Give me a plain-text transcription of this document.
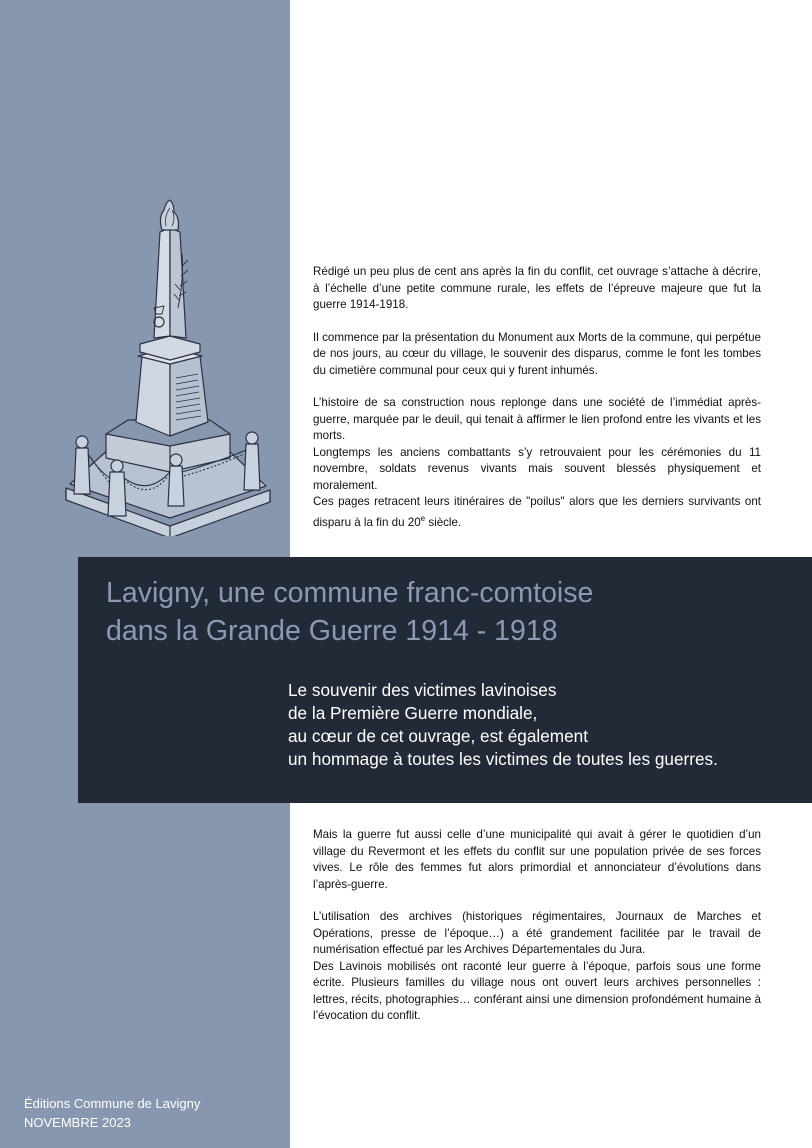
Rédigé un peu plus de cent ans après la fin du conflit, cet ouvrage s’attache à décrire, à l’échelle d’une petite commune rurale, les effets de l’épreuve majeure que fut la guerre 1914-1918.

Il commence par la présentation du Monument aux Morts de la commune, qui perpétue de nos jours, au cœur du village, le souvenir des disparus, comme le font les tombes du cimetière communal pour ceux qui y furent inhumés.

L’histoire de sa construction nous replonge dans une société de l’immédiat après-guerre, marquée par le deuil, qui tenait à affirmer le lien profond entre les vivants et les morts.

Longtemps les anciens combattants s’y retrouvaient pour les cérémonies du 11 novembre, soldats revenus vivants mais souvent blessés physiquement et moralement.

Ces pages retracent leurs itinéraires de "poilus" alors que les derniers survivants ont disparu à la fin du 20e siècle.

Lavigny, une commune franc-comtoise
dans la Grande Guerre 1914 - 1918

Le souvenir des victimes lavinoises
de la Première Guerre mondiale,
au cœur de cet ouvrage, est également
un hommage à toutes les victimes de toutes les guerres.

Mais la guerre fut aussi celle d’une municipalité qui avait à gérer le quotidien d’un village du Revermont et les effets du conflit sur une population privée de ses forces vives. Le rôle des femmes fut alors primordial et annonciateur d’évolutions dans l’après-guerre.

L’utilisation des archives (historiques régimentaires, Journaux de Marches et Opérations, presse de l’époque…) a été grandement facilitée par le travail de numérisation effectué par les Archives Départementales du Jura.

Des Lavinois mobilisés ont raconté leur guerre à l’époque, parfois sous une forme écrite. Plusieurs familles du village nous ont ouvert leurs archives personnelles : lettres, récits, photographies… conférant ainsi une dimension profondément humaine à l’évocation du conflit.

Éditions Commune de Lavigny
NOVEMBRE 2023
